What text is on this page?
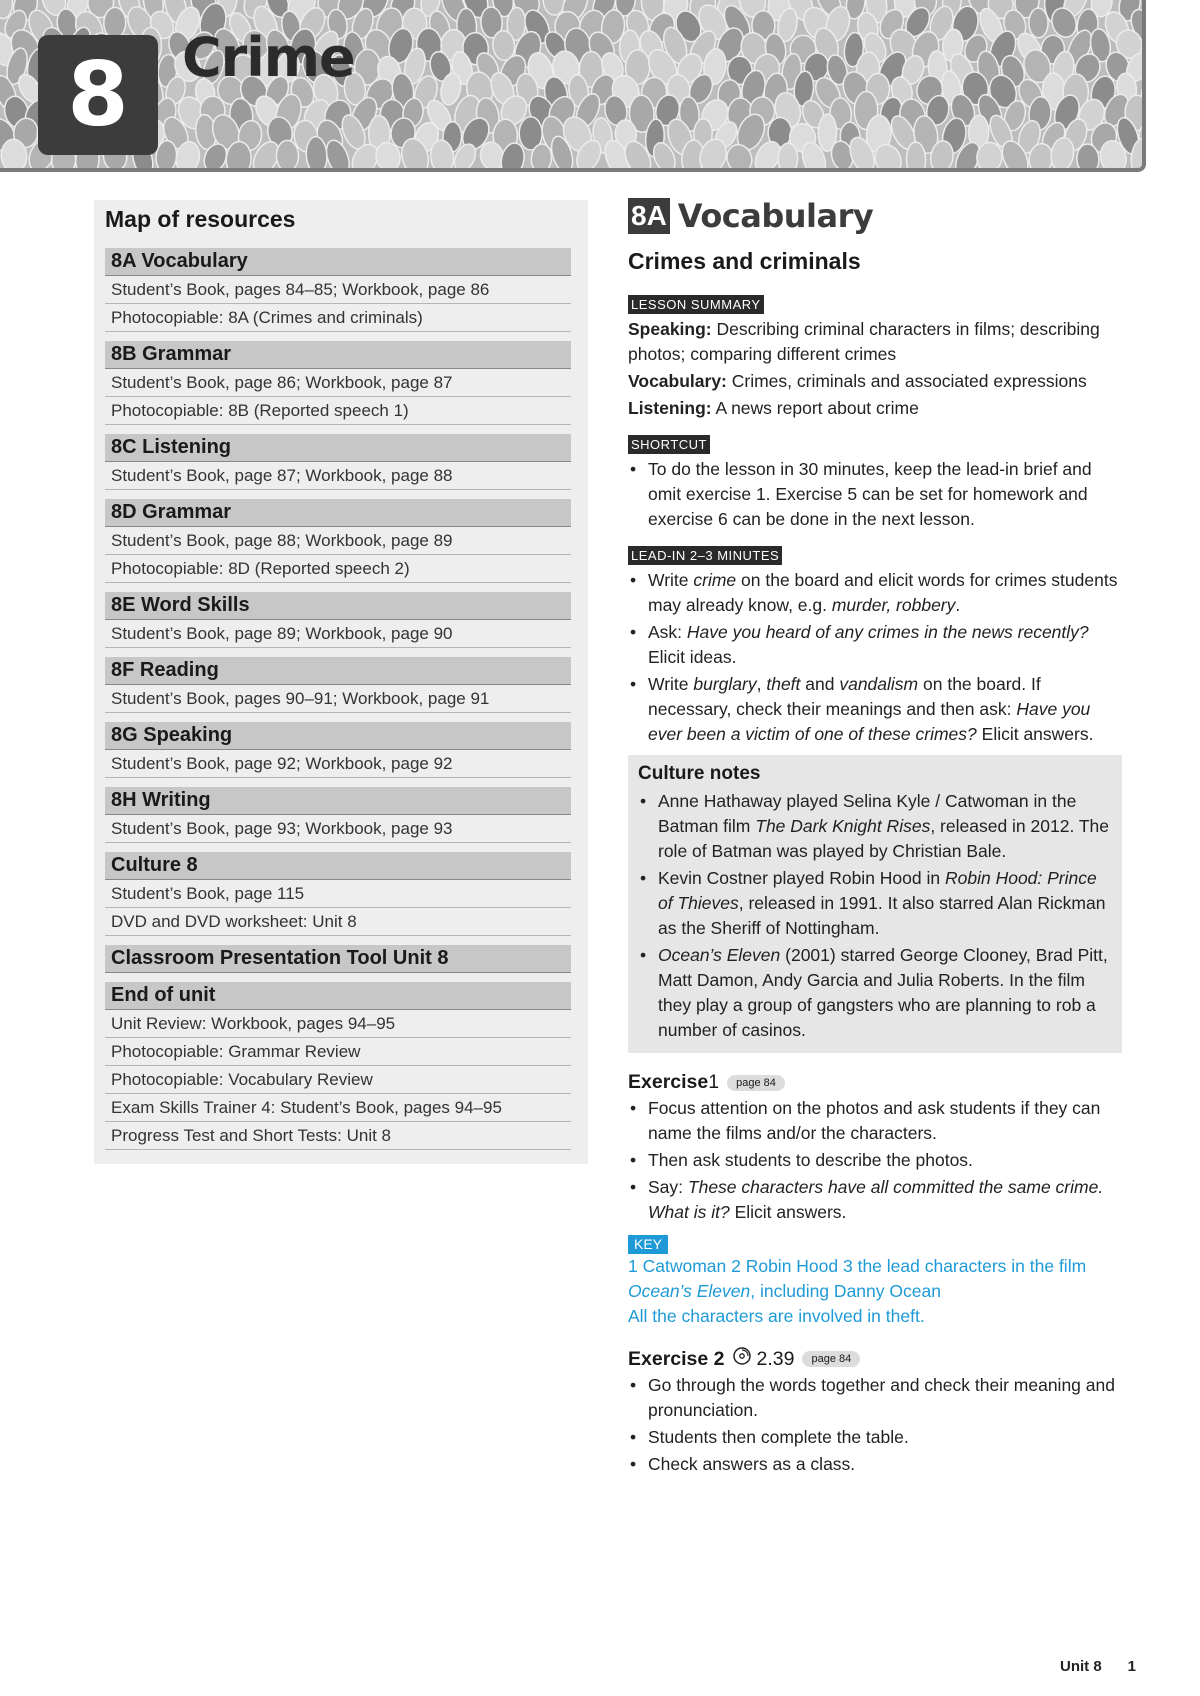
8 Crime
Map of resources
8A Vocabulary
Student’s Book, pages 84–85; Workbook, page 86
Photocopiable: 8A (Crimes and criminals)
8B Grammar
Student’s Book, page 86; Workbook, page 87
Photocopiable: 8B (Reported speech 1)
8C Listening
Student’s Book, page 87; Workbook, page 88
8D Grammar
Student’s Book, page 88; Workbook, page 89
Photocopiable: 8D (Reported speech 2)
8E Word Skills
Student’s Book, page 89; Workbook, page 90
8F Reading
Student’s Book, pages 90–91; Workbook, page 91
8G Speaking
Student’s Book, page 92; Workbook, page 92
8H Writing
Student’s Book, page 93; Workbook, page 93
Culture 8
Student’s Book, page 115
DVD and DVD worksheet: Unit 8
Classroom Presentation Tool Unit 8
End of unit
Unit Review: Workbook, pages 94–95
Photocopiable: Grammar Review
Photocopiable: Vocabulary Review
Exam Skills Trainer 4: Student’s Book, pages 94–95
Progress Test and Short Tests: Unit 8
8A Vocabulary
Crimes and criminals
LESSON SUMMARY

Speaking: Describing criminal characters in films; describing photos; comparing different crimes

Vocabulary: Crimes, criminals and associated expressions

Listening: A news report about crime

SHORTCUT
• To do the lesson in 30 minutes, keep the lead-in brief and omit exercise 1. Exercise 5 can be set for homework and exercise 6 can be done in the next lesson.
LEAD-IN 2–3 MINUTES
• Write crime on the board and elicit words for crimes students may already know, e.g. murder, robbery.
• Ask: Have you heard of any crimes in the news recently? Elicit ideas.
• Write burglary, theft and vandalism on the board. If necessary, check their meanings and then ask: Have you ever been a victim of one of these crimes? Elicit answers.
Culture notes
• Anne Hathaway played Selina Kyle / Catwoman in the Batman film The Dark Knight Rises, released in 2012. The role of Batman was played by Christian Bale.
• Kevin Costner played Robin Hood in Robin Hood: Prince of Thieves, released in 1991. It also starred Alan Rickman as the Sheriff of Nottingham.
• Ocean’s Eleven (2001) starred George Clooney, Brad Pitt, Matt Damon, Andy Garcia and Julia Roberts. In the film they play a group of gangsters who are planning to rob a number of casinos.
Exercise 1	page 84
• Focus attention on the photos and ask students if they can name the films and/or the characters.
• Then ask students to describe the photos.
• Say: These characters have all committed the same crime. What is it? Elicit answers.
KEY
1 Catwoman 2 Robin Hood 3 the lead characters in the film Ocean’s Eleven, including Danny Ocean
All the characters are involved in theft.
Exercise 2 2.39	page 84
• Go through the words together and check their meaning and pronunciation.
• Students then complete the table.
• Check answers as a class.
Unit 8 1
